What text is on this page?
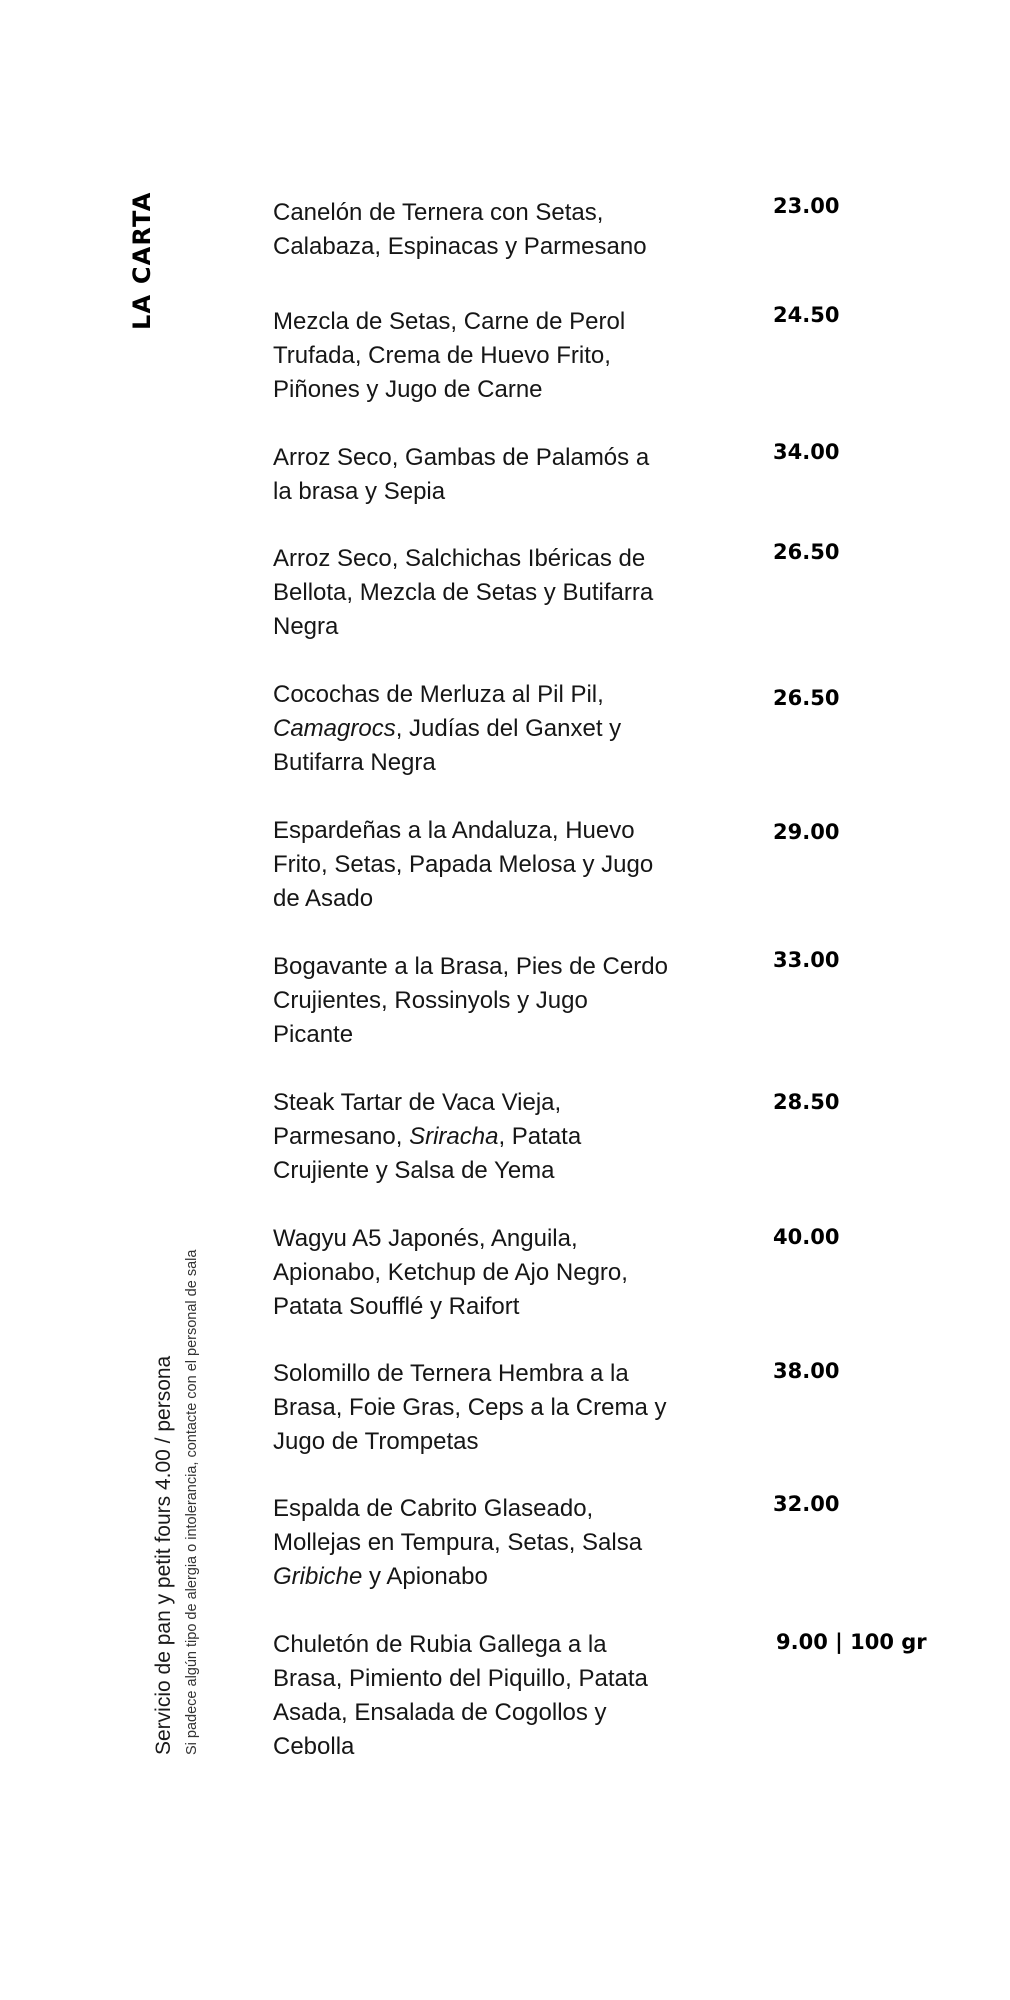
LA CARTA
Servicio de pan y petit fours 4.00 / persona Si padece algún tipo de alergia o intolerancia, contacte con el personal de sala
Canelón de Ternera con Setas,
Calabaza, Espinacas y Parmesano
23.00
Mezcla de Setas, Carne de Perol
Trufada, Crema de Huevo Frito,
Piñones y Jugo de Carne
24.50
Arroz Seco, Gambas de Palamós a
la brasa y Sepia
34.00
Arroz Seco, Salchichas Ibéricas de
Bellota, Mezcla de Setas y Butifarra
Negra
26.50
Cocochas de Merluza al Pil Pil,
Camagrocs, Judías del Ganxet y
Butifarra Negra
26.50
Espardeñas a la Andaluza, Huevo
Frito, Setas, Papada Melosa y Jugo
de Asado
29.00
Bogavante a la Brasa, Pies de Cerdo
Crujientes, Rossinyols y Jugo
Picante
33.00
Steak Tartar de Vaca Vieja,
Parmesano, Sriracha, Patata
Crujiente y Salsa de Yema
28.50
Wagyu A5 Japonés, Anguila,
Apionabo, Ketchup de Ajo Negro,
Patata Soufflé y Raifort
40.00
Solomillo de Ternera Hembra a la
Brasa, Foie Gras, Ceps a la Crema y
Jugo de Trompetas
38.00
Espalda de Cabrito Glaseado,
Mollejas en Tempura, Setas, Salsa
Gribiche y Apionabo
32.00
Chuletón de Rubia Gallega a la
Brasa, Pimiento del Piquillo, Patata
Asada, Ensalada de Cogollos y
Cebolla
9.00 | 100 gr
